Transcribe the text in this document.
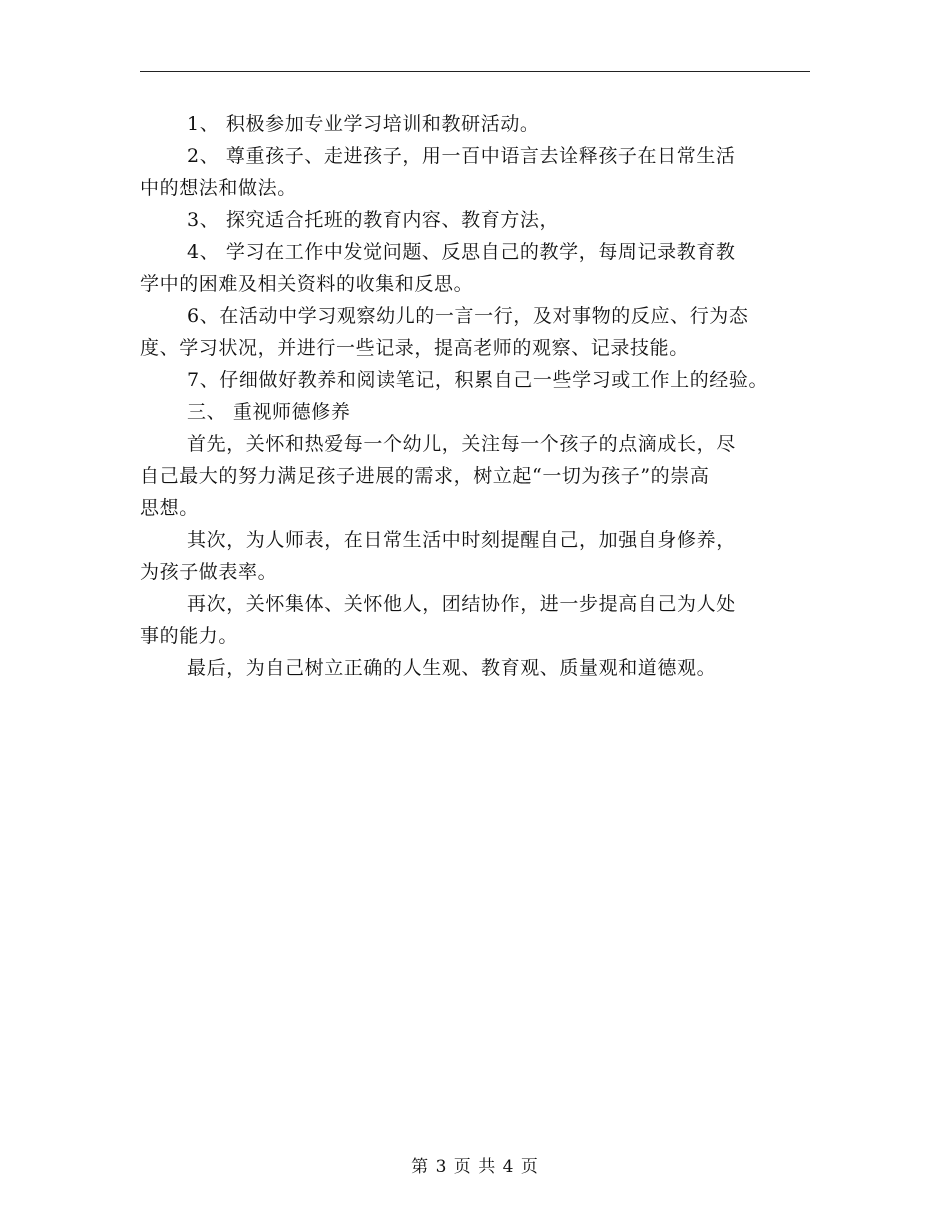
1、 积极参加专业学习培训和教研活动。

2、 尊重孩子、走进孩子，用一百中语言去诠释孩子在日常生活
中的想法和做法。

3、 探究适合托班的教育内容、教育方法，

4、 学习在工作中发觉问题、反思自己的教学，每周记录教育教
学中的困难及相关资料的收集和反思。

6、在活动中学习观察幼儿的一言一行，及对事物的反应、行为态
度、学习状况，并进行一些记录，提高老师的观察、记录技能。

7、仔细做好教养和阅读笔记，积累自己一些学习或工作上的经验。

三、 重视师德修养

首先，关怀和热爱每一个幼儿，关注每一个孩子的点滴成长，尽
自己最大的努力满足孩子进展的需求，树立起“一切为孩子”的崇高
思想。

其次，为人师表，在日常生活中时刻提醒自己，加强自身修养，
为孩子做表率。

再次，关怀集体、关怀他人，团结协作，进一步提高自己为人处
事的能力。

最后，为自己树立正确的人生观、教育观、质量观和道德观。

第 3 页 共 4 页
